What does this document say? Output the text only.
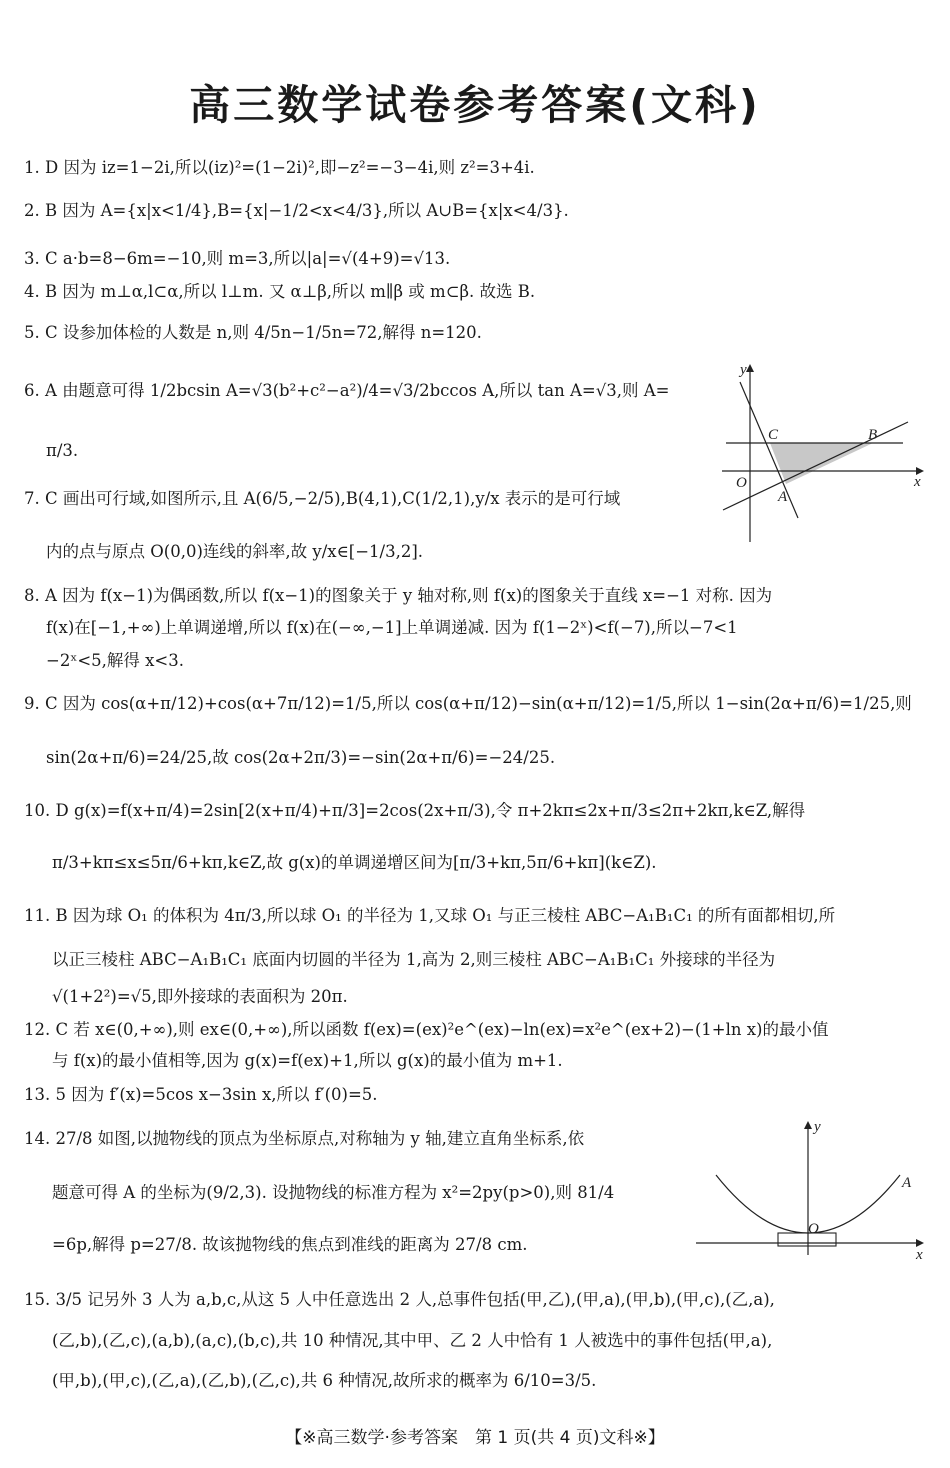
高三数学试卷参考答案(文科)
1. D 因为 iz=1−2i,所以(iz)²=(1−2i)²,即−z²=−3−4i,则 z²=3+4i.
2. B 因为 A={x|x<1/4},B={x|−1/2<x<4/3},所以 A∪B={x|x<4/3}.
3. C a·b=8−6m=−10,则 m=3,所以|a|=√(4+9)=√13.
4. B 因为 m⊥α,l⊂α,所以 l⊥m. 又 α⊥β,所以 m∥β 或 m⊂β. 故选 B.
5. C 设参加体检的人数是 n,则 4/5n−1/5n=72,解得 n=120.
6. A 由题意可得 1/2bcsin A=√3(b²+c²−a²)/4=√3/2bccos A,所以 tan A=√3,则 A=
π/3.
7. C 画出可行域,如图所示,且 A(6/5,−2/5),B(4,1),C(1/2,1),y/x 表示的是可行域
内的点与原点 O(0,0)连线的斜率,故 y/x∈[−1/3,2].
8. A 因为 f(x−1)为偶函数,所以 f(x−1)的图象关于 y 轴对称,则 f(x)的图象关于直线 x=−1 对称. 因为
f(x)在[−1,+∞)上单调递增,所以 f(x)在(−∞,−1]上单调递减. 因为 f(1−2ˣ)<f(−7),所以−7<1
−2ˣ<5,解得 x<3.
9. C 因为 cos(α+π/12)+cos(α+7π/12)=1/5,所以 cos(α+π/12)−sin(α+π/12)=1/5,所以 1−sin(2α+π/6)=1/25,则
sin(2α+π/6)=24/25,故 cos(2α+2π/3)=−sin(2α+π/6)=−24/25.
10. D g(x)=f(x+π/4)=2sin[2(x+π/4)+π/3]=2cos(2x+π/3),令 π+2kπ≤2x+π/3≤2π+2kπ,k∈Z,解得
π/3+kπ≤x≤5π/6+kπ,k∈Z,故 g(x)的单调递增区间为[π/3+kπ,5π/6+kπ](k∈Z).
11. B 因为球 O₁ 的体积为 4π/3,所以球 O₁ 的半径为 1,又球 O₁ 与正三棱柱 ABC−A₁B₁C₁ 的所有面都相切,所
以正三棱柱 ABC−A₁B₁C₁ 底面内切圆的半径为 1,高为 2,则三棱柱 ABC−A₁B₁C₁ 外接球的半径为
√(1+2²)=√5,即外接球的表面积为 20π.
12. C 若 x∈(0,+∞),则 ex∈(0,+∞),所以函数 f(ex)=(ex)²e^(ex)−ln(ex)=x²e^(ex+2)−(1+ln x)的最小值
与 f(x)的最小值相等,因为 g(x)=f(ex)+1,所以 g(x)的最小值为 m+1.
13. 5 因为 f′(x)=5cos x−3sin x,所以 f′(0)=5.
14. 27/8 如图,以抛物线的顶点为坐标原点,对称轴为 y 轴,建立直角坐标系,依
题意可得 A 的坐标为(9/2,3). 设抛物线的标准方程为 x²=2py(p>0),则 81/4
=6p,解得 p=27/8. 故该抛物线的焦点到准线的距离为 27/8 cm.
15. 3/5 记另外 3 人为 a,b,c,从这 5 人中任意选出 2 人,总事件包括(甲,乙),(甲,a),(甲,b),(甲,c),(乙,a),
(乙,b),(乙,c),(a,b),(a,c),(b,c),共 10 种情况,其中甲、乙 2 人中恰有 1 人被选中的事件包括(甲,a),
(甲,b),(甲,c),(乙,a),(乙,b),(乙,c),共 6 种情况,故所求的概率为 6/10=3/5.
y
x
O
A
B
C
y
x
O
A
【※高三数学·参考答案　第 1 页(共 4 页)文科※】
